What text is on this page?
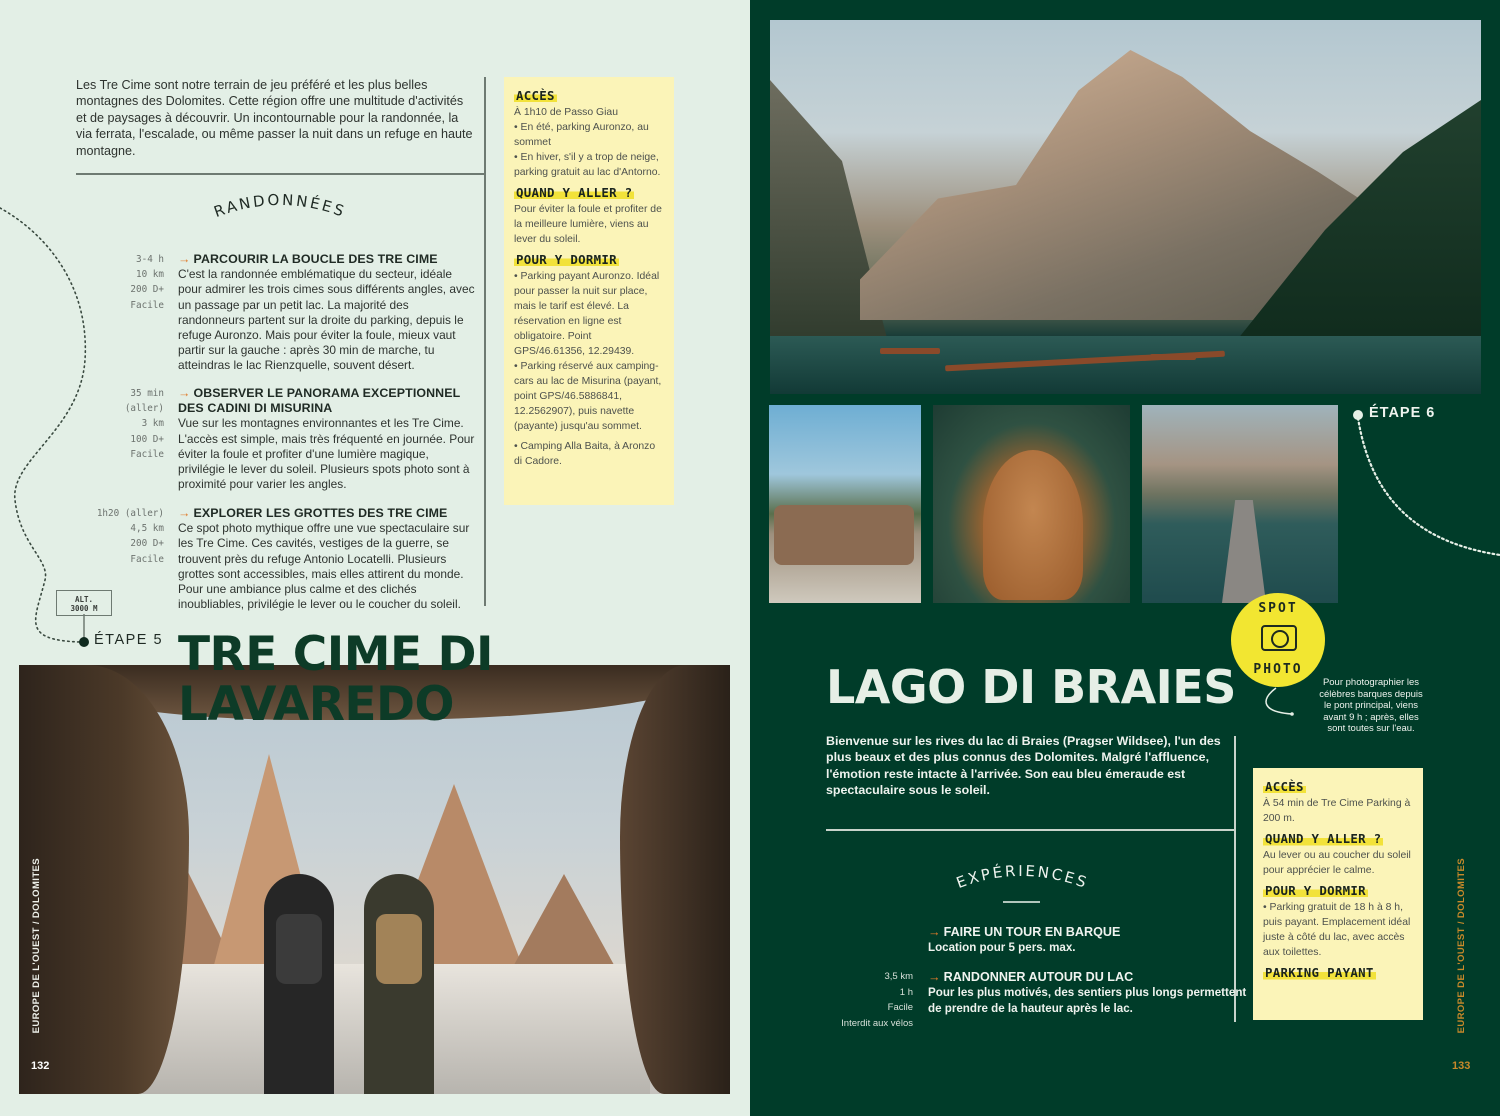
Les Tre Cime sont notre terrain de jeu préféré et les plus belles montagnes des Dolomites. Cette région offre une multitude d'activités et de paysages à découvrir. Un incontournable pour la randonnée, la via ferrata, l'escalade, ou même passer la nuit dans un refuge en haute montagne.

RANDONNÉES
3-4 h
10 km
200 D+
Facile
→ PARCOURIR LA BOUCLE DES TRE CIME
C'est la randonnée emblématique du secteur, idéale pour admirer les trois cimes sous différents angles, avec un passage par un petit lac. La majorité des randonneurs partent sur la droite du parking, depuis le refuge Auronzo. Mais pour éviter la foule, mieux vaut partir sur la gauche : après 30 min de marche, tu atteindras le lac Rienzquelle, souvent désert.
35 min (aller)
3 km
100 D+
Facile
→ OBSERVER LE PANORAMA EXCEPTIONNEL DES CADINI DI MISURINA
Vue sur les montagnes environnantes et les Tre Cime. L'accès est simple, mais très fréquenté en journée. Pour éviter la foule et profiter d'une lumière magique, privilégie le lever du soleil. Plusieurs spots photo sont à proximité pour varier les angles.
1h20 (aller)
4,5 km
200 D+
Facile
→ EXPLORER LES GROTTES DES TRE CIME
Ce spot photo mythique offre une vue spectaculaire sur les Tre Cime. Ces cavités, vestiges de la guerre, se trouvent près du refuge Antonio Locatelli. Plusieurs grottes sont accessibles, mais elles attirent du monde. Pour une ambiance plus calme et des clichés inoubliables, privilégie le lever ou le coucher du soleil.
ACCÈS
À 1h10 de Passo Giau
• En été, parking Auronzo, au sommet
• En hiver, s'il y a trop de neige, parking gratuit au lac d'Antorno.
QUAND Y ALLER ?
Pour éviter la foule et profiter de la meilleure lumière, viens au lever du soleil.
POUR Y DORMIR
• Parking payant Auronzo. Idéal pour passer la nuit sur place, mais le tarif est élevé. La réservation en ligne est obligatoire. Point GPS/46.61356, 12.29439.
• Parking réservé aux camping-cars au lac de Misurina (payant, point GPS/46.5886841, 12.2562907), puis navette (payante) jusqu'au sommet.
• Camping Alla Baita, à Aronzo di Cadore.
ALT.
3000 M
ÉTAPE 5 TRE CIME DI
LAVAREDO
EUROPE DE L'OUEST / DOLOMITES
132
ÉTAPE 6
SPOT
PHOTO
Pour photographier les célèbres barques depuis le pont principal, viens avant 9 h ; après, elles sont toutes sur l'eau.
LAGO DI BRAIES

Bienvenue sur les rives du lac di Braies (Pragser Wildsee), l'un des plus beaux et des plus connus des Dolomites. Malgré l'affluence, l'émotion reste intacte à l'arrivée. Son eau bleu émeraude est spectaculaire sous le soleil.

EXPÉRIENCES
→ FAIRE UN TOUR EN BARQUE
Location pour 5 pers. max.
3,5 km
1 h
Facile
Interdit aux vélos
→ RANDONNER AUTOUR DU LAC
Pour les plus motivés, des sentiers plus longs permettent de prendre de la hauteur après le lac.
ACCÈS
À 54 min de Tre Cime Parking à 200 m.
QUAND Y ALLER ?
Au lever ou au coucher du soleil pour apprécier le calme.
POUR Y DORMIR
• Parking gratuit de 18 h à 8 h, puis payant. Emplacement idéal juste à côté du lac, avec accès aux toilettes.
PARKING PAYANT	EUROPE DE L'OUEST / DOLOMITES
133
